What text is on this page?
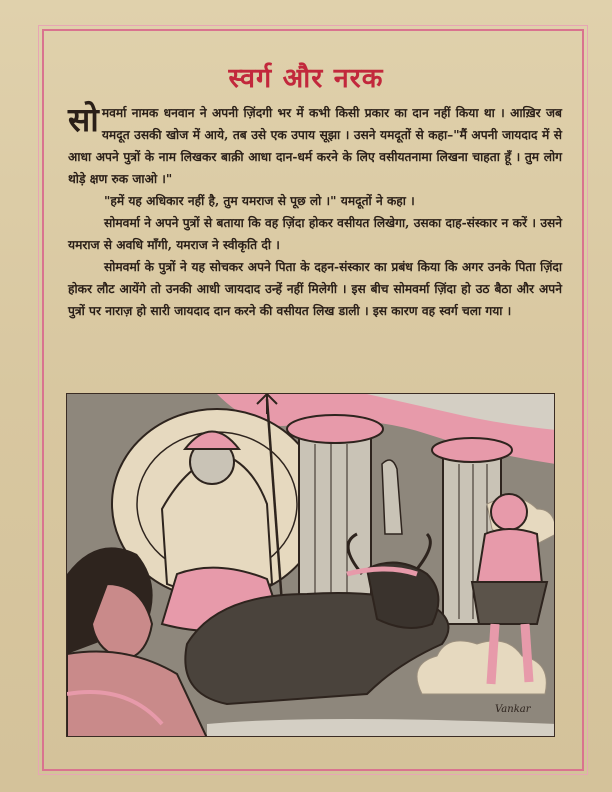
स्वर्ग और नरक

सोमवर्मा नामक धनवान ने अपनी ज़िंदगी भर में कभी किसी प्रकार का दान नहीं किया था । आख़िर जब यमदूत उसकी खोज में आये, तब उसे एक उपाय सूझा । उसने यमदूतों से कहा–"मैं अपनी जायदाद में से आधा अपने पुत्रों के नाम लिखकर बाक़ी आधा दान-धर्म करने के लिए वसीयतनामा लिखना चाहता हूँ । तुम लोग थोड़े क्षण रुक जाओ ।"

"हमें यह अधिकार नहीं है, तुम यमराज से पूछ लो ।" यमदूतों ने कहा ।

सोमवर्मा ने अपने पुत्रों से बताया कि वह ज़िंदा होकर वसीयत लिखेगा, उसका दाह-संस्कार न करें । उसने यमराज से अवधि माँगी, यमराज ने स्वीकृति दी ।

सोमवर्मा के पुत्रों ने यह सोचकर अपने पिता के दहन-संस्कार का प्रबंध किया कि अगर उनके पिता ज़िंदा होकर लौट आयेंगे तो उनकी आधी जायदाद उन्हें नहीं मिलेगी । इस बीच सोमवर्मा ज़िंदा हो उठ बैठा और अपने पुत्रों पर नाराज़ हो सारी जायदाद दान करने की वसीयत लिख डाली । इस कारण वह स्वर्ग चला गया ।

Vankar
